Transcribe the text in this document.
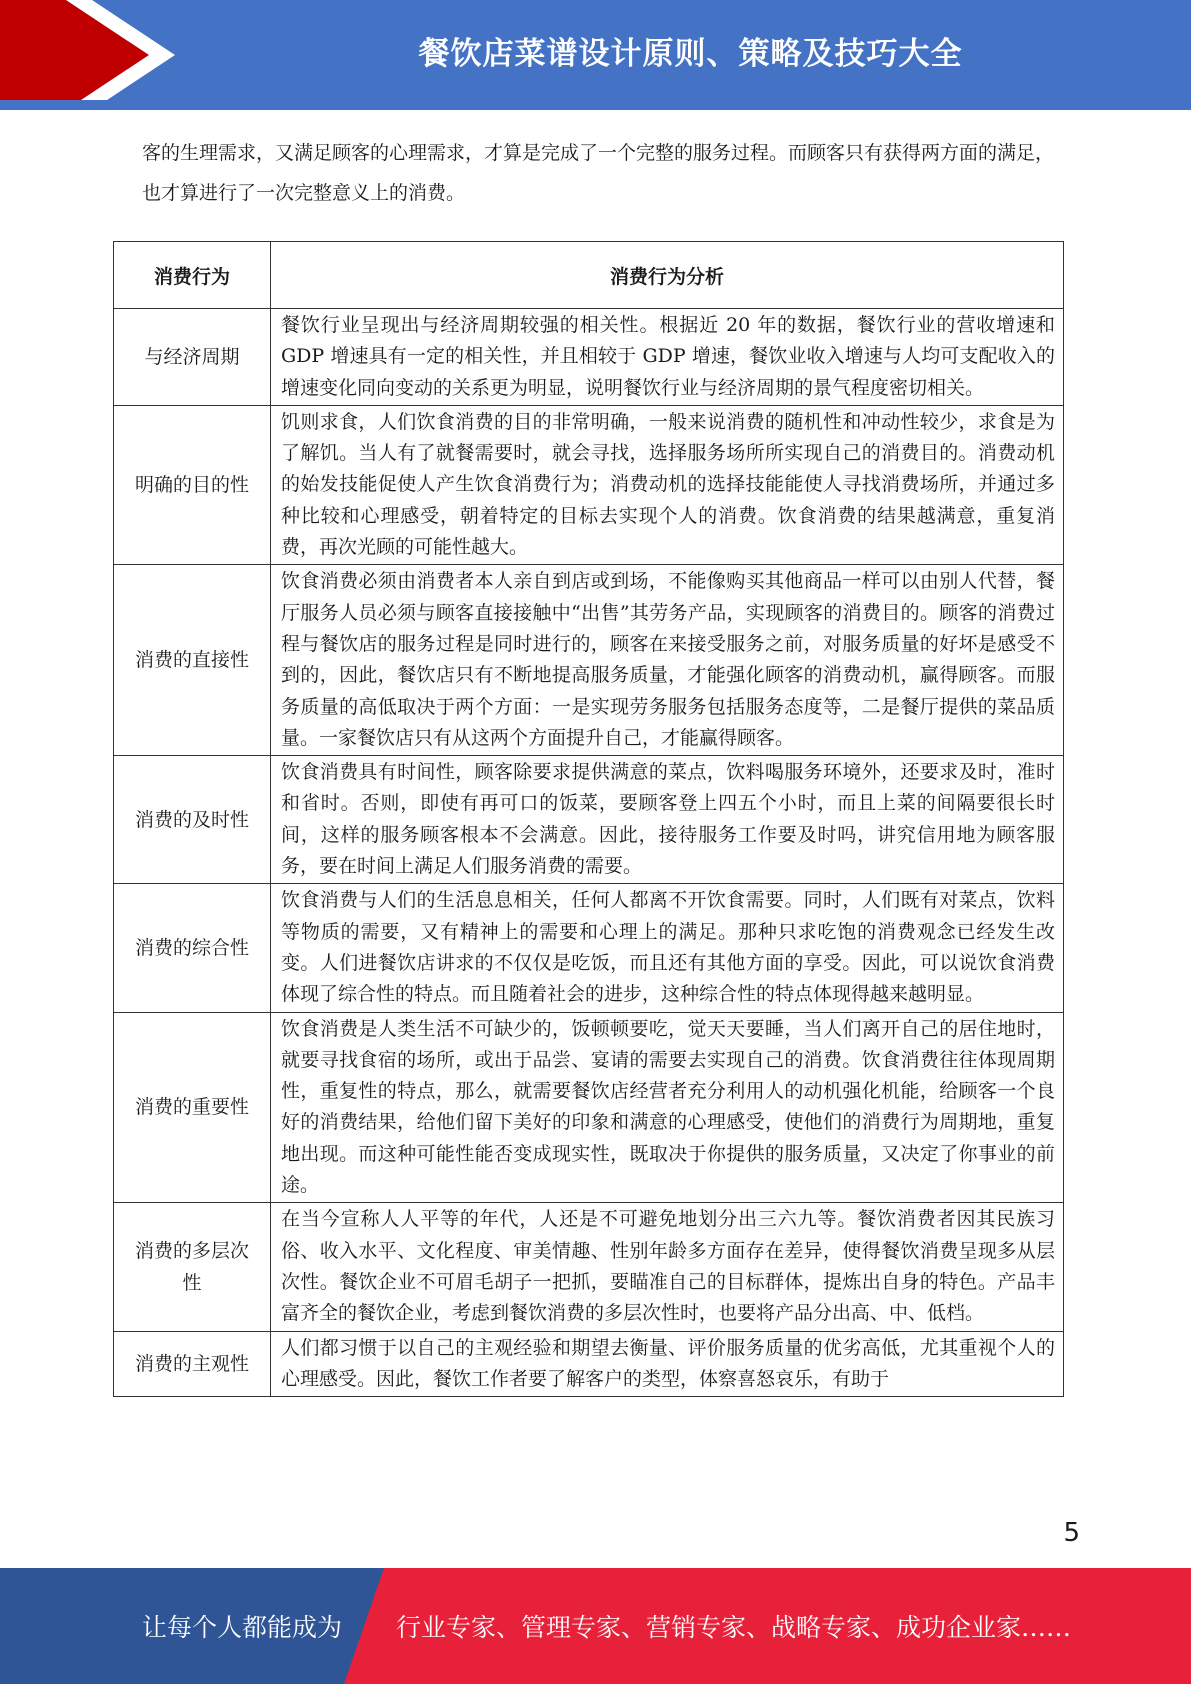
餐饮店菜谱设计原则、策略及技巧大全

客的生理需求，又满足顾客的心理需求，才算是完成了一个完整的服务过程。而顾客只有获得两方面的满足，也才算进行了一次完整意义上的消费。

消费行为	消费行为分析
与经济周期	餐饮行业呈现出与经济周期较强的相关性。根据近 20 年的数据，餐饮行业的营收增速和 GDP 增速具有一定的相关性，并且相较于 GDP 增速，餐饮业收入增速与人均可支配收入的增速变化同向变动的关系更为明显，说明餐饮行业与经济周期的景气程度密切相关。
明确的目的性	饥则求食，人们饮食消费的目的非常明确，一般来说消费的随机性和冲动性较少，求食是为了解饥。当人有了就餐需要时，就会寻找，选择服务场所所实现自己的消费目的。消费动机的始发技能促使人产生饮食消费行为；消费动机的选择技能能使人寻找消费场所，并通过多种比较和心理感受，朝着特定的目标去实现个人的消费。饮食消费的结果越满意，重复消费，再次光顾的可能性越大。
消费的直接性	饮食消费必须由消费者本人亲自到店或到场，不能像购买其他商品一样可以由别人代替，餐厅服务人员必须与顾客直接接触中“出售”其劳务产品，实现顾客的消费目的。顾客的消费过程与餐饮店的服务过程是同时进行的，顾客在来接受服务之前，对服务质量的好坏是感受不到的，因此，餐饮店只有不断地提高服务质量，才能强化顾客的消费动机，赢得顾客。而服务质量的高低取决于两个方面：一是实现劳务服务包括服务态度等，二是餐厅提供的菜品质量。一家餐饮店只有从这两个方面提升自己，才能赢得顾客。
消费的及时性	饮食消费具有时间性，顾客除要求提供满意的菜点，饮料喝服务环境外，还要求及时，准时和省时。否则，即使有再可口的饭菜，要顾客登上四五个小时，而且上菜的间隔要很长时间，这样的服务顾客根本不会满意。因此，接待服务工作要及时吗，讲究信用地为顾客服务，要在时间上满足人们服务消费的需要。
消费的综合性	饮食消费与人们的生活息息相关，任何人都离不开饮食需要。同时，人们既有对菜点，饮料等物质的需要，又有精神上的需要和心理上的满足。那种只求吃饱的消费观念已经发生改变。人们进餐饮店讲求的不仅仅是吃饭，而且还有其他方面的享受。因此，可以说饮食消费体现了综合性的特点。而且随着社会的进步，这种综合性的特点体现得越来越明显。
消费的重要性	饮食消费是人类生活不可缺少的，饭顿顿要吃，觉天天要睡，当人们离开自己的居住地时，就要寻找食宿的场所，或出于品尝、宴请的需要去实现自己的消费。饮食消费往往体现周期性，重复性的特点，那么，就需要餐饮店经营者充分利用人的动机强化机能，给顾客一个良好的消费结果，给他们留下美好的印象和满意的心理感受，使他们的消费行为周期地，重复地出现。而这种可能性能否变成现实性，既取决于你提供的服务质量，又决定了你事业的前途。
消费的多层次性	在当今宣称人人平等的年代，人还是不可避免地划分出三六九等。餐饮消费者因其民族习俗、收入水平、文化程度、审美情趣、性别年龄多方面存在差异，使得餐饮消费呈现多从层次性。餐饮企业不可眉毛胡子一把抓，要瞄准自己的目标群体，提炼出自身的特色。产品丰富齐全的餐饮企业，考虑到餐饮消费的多层次性时，也要将产品分出高、中、低档。
消费的主观性	人们都习惯于以自己的主观经验和期望去衡量、评价服务质量的优劣高低，尤其重视个人的心理感受。因此，餐饮工作者要了解客户的类型，体察喜怒哀乐，有助于
5
让每个人都能成为 行业专家、管理专家、营销专家、战略专家、成功企业家……
